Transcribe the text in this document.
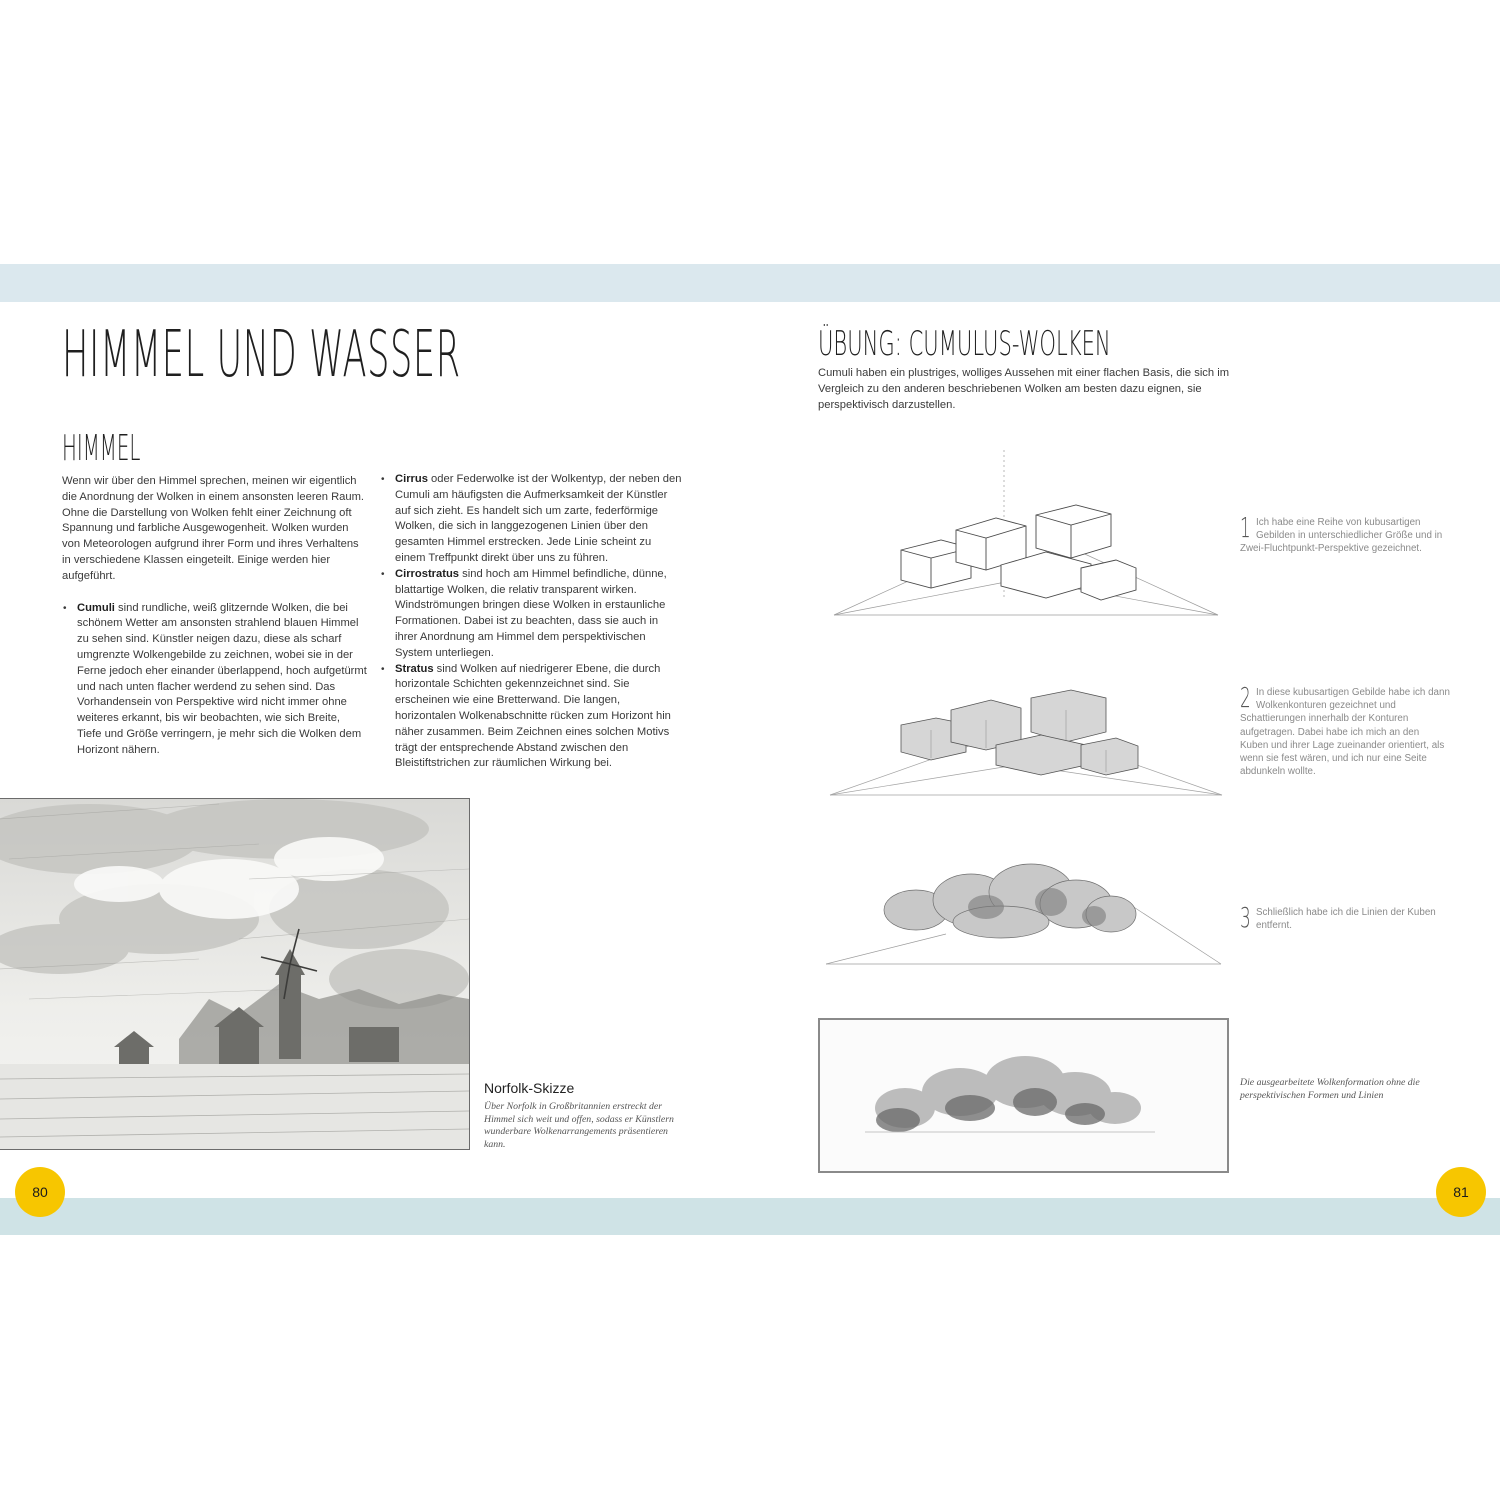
HIMMEL UND WASSER
HIMMEL

Wenn wir über den Himmel sprechen, meinen wir eigentlich die Anordnung der Wolken in einem ansonsten leeren Raum. Ohne die Darstellung von Wolken fehlt einer Zeichnung oft Spannung und farbliche Ausgewogenheit. Wolken wurden von Meteorologen aufgrund ihrer Form und ihres Verhaltens in verschiedene Klassen eingeteilt. Einige werden hier aufgeführt.

• Cumuli sind rundliche, weiß glitzernde Wolken, die bei schönem Wetter am ansonsten strahlend blauen Himmel zu sehen sind. Künstler neigen dazu, diese als scharf umgrenzte Wolkengebilde zu zeichnen, wobei sie in der Ferne jedoch eher einander überlappend, hoch aufgetürmt und nach unten flacher werdend zu sehen sind. Das Vorhandensein von Perspektive wird nicht immer ohne weiteres erkannt, bis wir beobachten, wie sich Breite, Tiefe und Größe verringern, je mehr sich die Wolken dem Horizont nähern.
• Cirrus oder Federwolke ist der Wolkentyp, der neben den Cumuli am häufigsten die Aufmerksamkeit der Künstler auf sich zieht. Es handelt sich um zarte, federförmige Wolken, die sich in langgezogenen Linien über den gesamten Himmel erstrecken. Jede Linie scheint zu einem Treffpunkt direkt über uns zu führen.
• Cirrostratus sind hoch am Himmel befindliche, dünne, blattartige Wolken, die relativ transparent wirken. Windströmungen bringen diese Wolken in erstaunliche Formationen. Dabei ist zu beachten, dass sie auch in ihrer Anordnung am Himmel dem perspektivischen System unterliegen.
• Stratus sind Wolken auf niedrigerer Ebene, die durch horizontale Schichten gekennzeichnet sind. Sie erscheinen wie eine Bretterwand. Die langen, horizontalen Wolkenabschnitte rücken zum Horizont hin näher zusammen. Beim Zeichnen eines solchen Motivs trägt der entsprechende Abstand zwischen den Bleistiftstrichen zur räumlichen Wirkung bei.
Norfolk-Skizze
Über Norfolk in Großbritannien erstreckt der Himmel sich weit und offen, sodass er Künstlern wunderbare Wolkenarrangements präsentieren kann.
80
ÜBUNG: CUMULUS-WOLKEN

Cumuli haben ein plustriges, wolliges Aussehen mit einer flachen Basis, die sich im Vergleich zu den anderen beschriebenen Wolken am besten dazu eignen, sie perspektivisch darzustellen.

1 Ich habe eine Reihe von kubusartigen Gebilden in unterschiedlicher Größe und in Zwei-Fluchtpunkt-Perspektive gezeichnet.
2 In diese kubusartigen Gebilde habe ich dann Wolkenkonturen gezeichnet und Schattierungen innerhalb der Konturen aufgetragen. Dabei habe ich mich an den Kuben und ihrer Lage zueinander orientiert, als wenn sie fest wären, und ich nur eine Seite abdunkeln wollte.
3 Schließlich habe ich die Linien der Kuben entfernt.
Die ausgearbeitete Wolkenformation ohne die perspektivischen Formen und Linien
81
